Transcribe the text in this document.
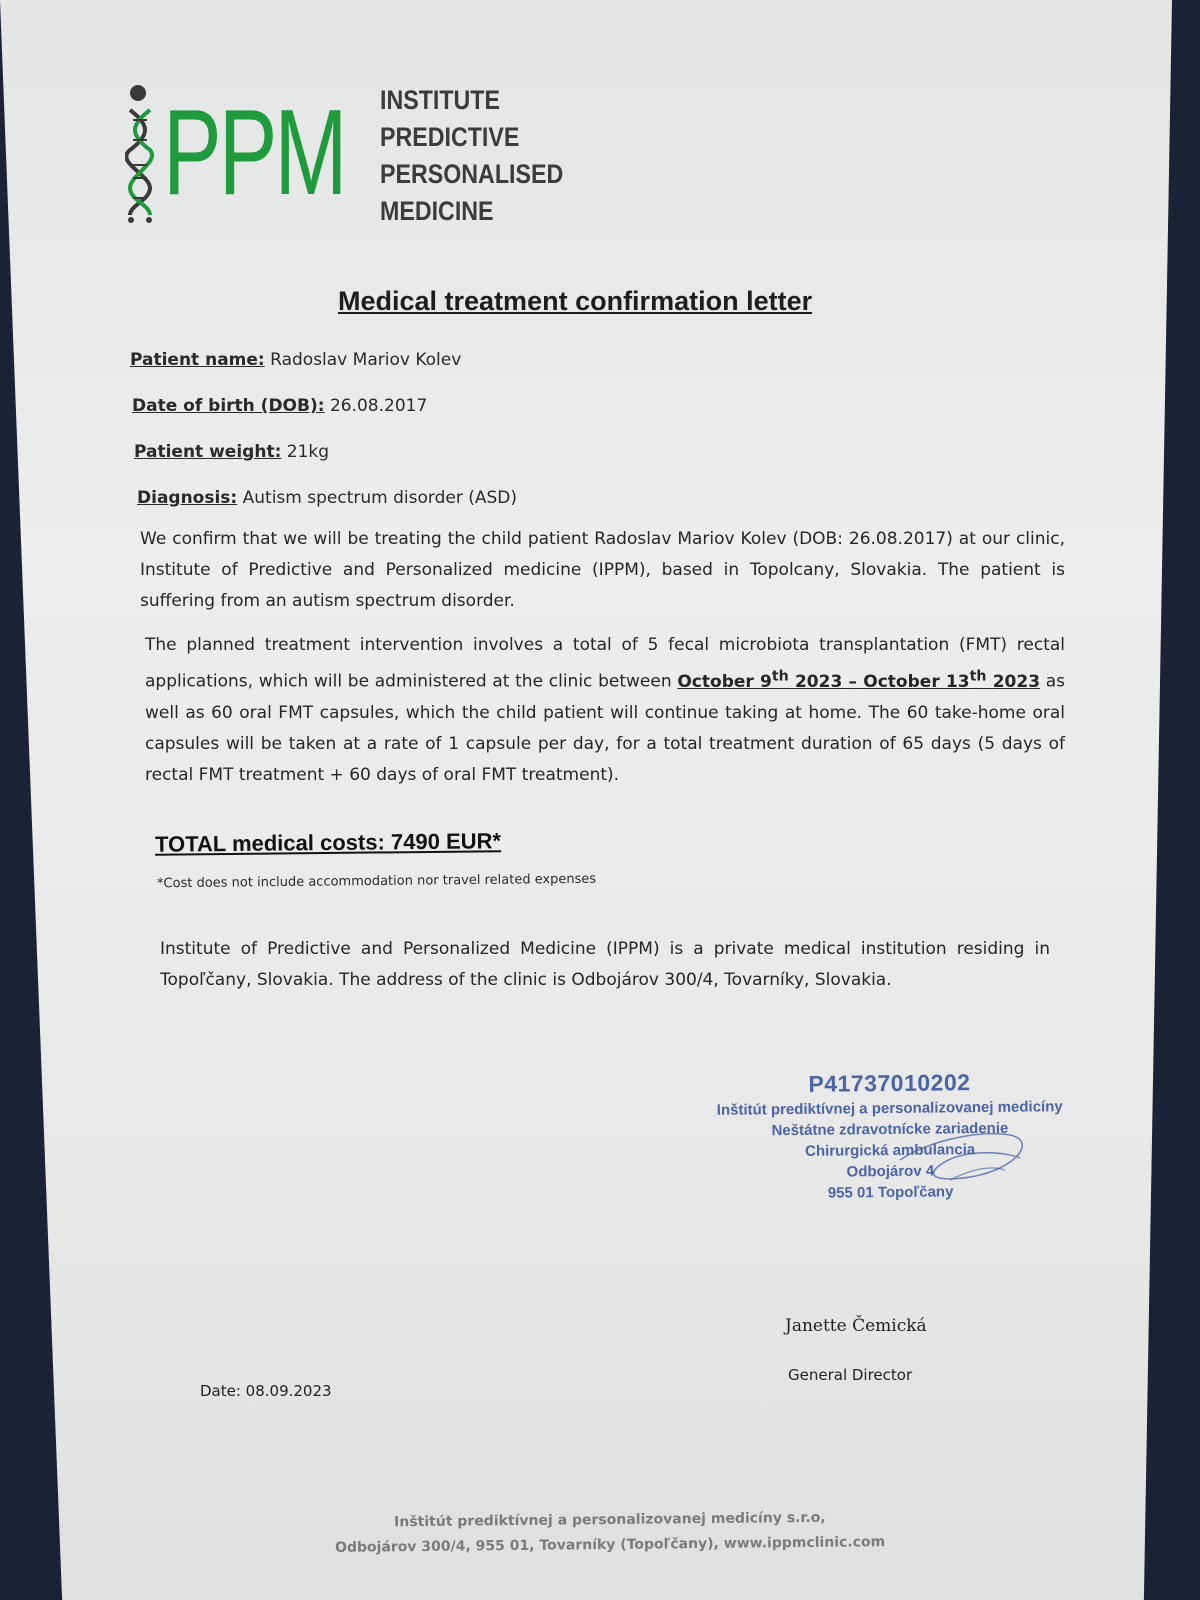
PPM INSTITUTE
PREDICTIVE
PERSONALISED
MEDICINE
Medical treatment confirmation letter
Patient name: Radoslav Mariov Kolev
Date of birth (DOB): 26.08.2017
Patient weight: 21kg
Diagnosis: Autism spectrum disorder (ASD)
We confirm that we will be treating the child patient Radoslav Mariov Kolev (DOB: 26.08.2017) at our clinic, Institute of Predictive and Personalized medicine (IPPM), based in Topolcany, Slovakia. The patient is suffering from an autism spectrum disorder.
The planned treatment intervention involves a total of 5 fecal microbiota transplantation (FMT) rectal applications, which will be administered at the clinic between October 9th 2023 – October 13th 2023 as well as 60 oral FMT capsules, which the child patient will continue taking at home. The 60 take-home oral capsules will be taken at a rate of 1 capsule per day, for a total treatment duration of 65 days (5 days of rectal FMT treatment + 60 days of oral FMT treatment).
TOTAL medical costs: 7490 EUR*
*Cost does not include accommodation nor travel related expenses
Institute of Predictive and Personalized Medicine (IPPM) is a private medical institution residing in Topoľčany, Slovakia. The address of the clinic is Odbojárov 300/4, Tovarníky, Slovakia.
P41737010202
Inštitút prediktívnej a personalizovanej medicíny
Neštátne zdravotnícke zariadenie
Chirurgická ambulancia
Odbojárov 4
955 01 Topoľčany
Janette Čemická
General Director
Date: 08.09.2023
Inštitút prediktívnej a personalizovanej medicíny s.r.o,
Odbojárov 300/4, 955 01, Tovarníky (Topoľčany), www.ippmclinic.com
